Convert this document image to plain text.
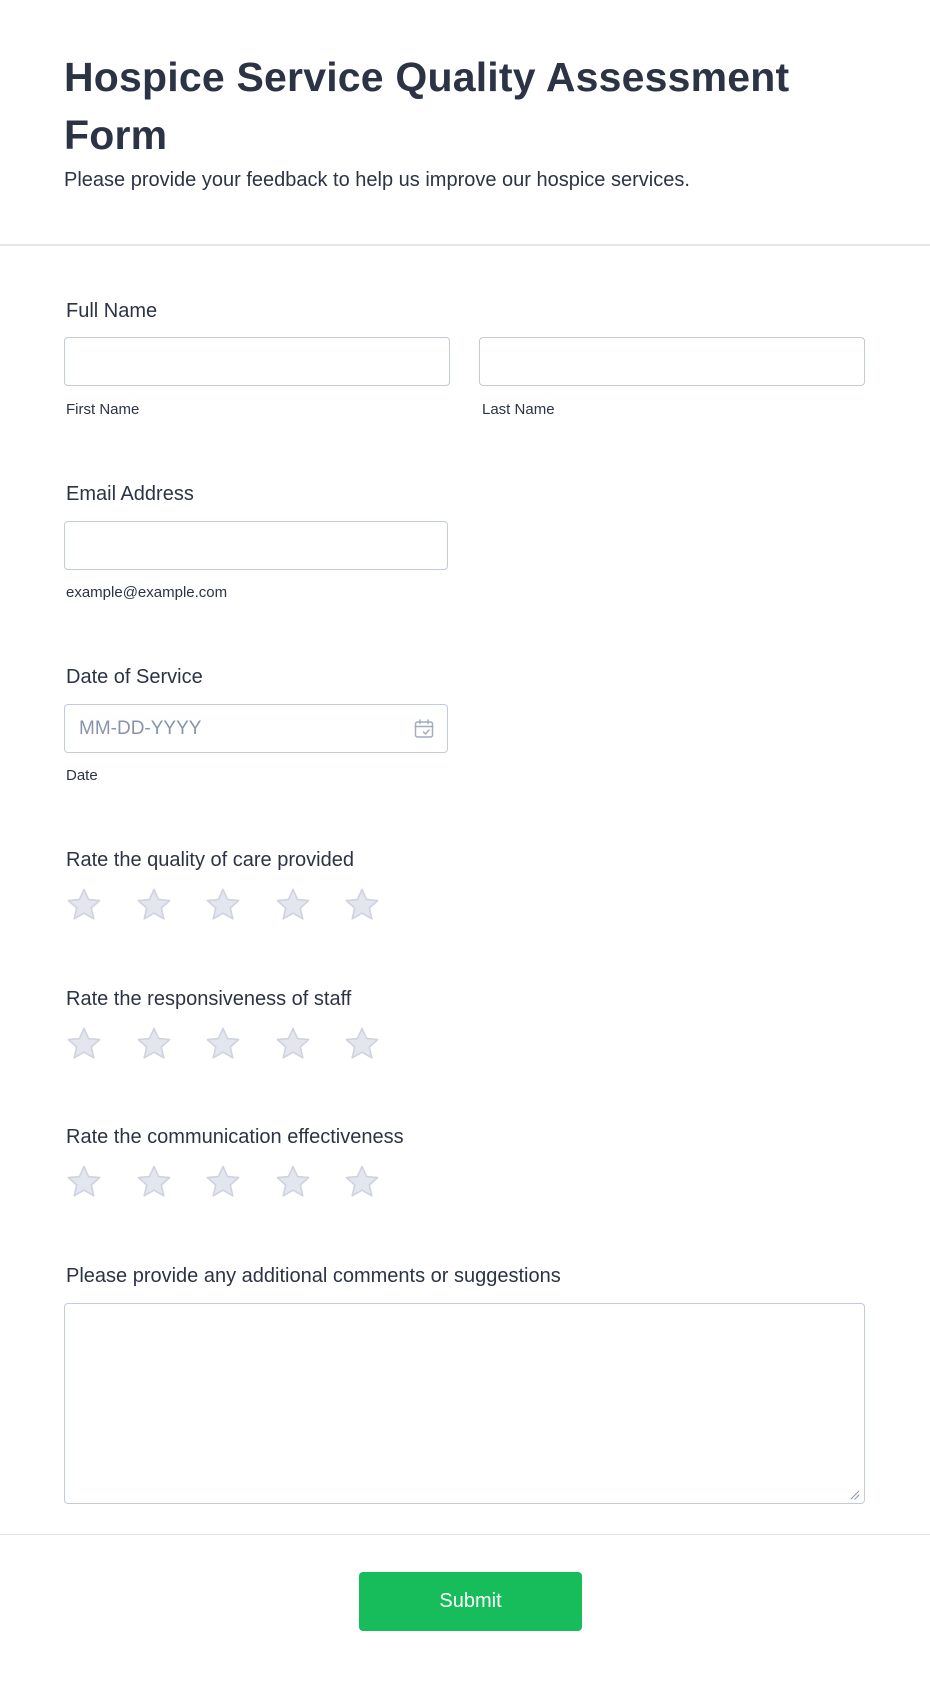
Hospice Service Quality Assessment Form

Please provide your feedback to help us improve our hospice services.

Full Name
First Name	Last Name
Email Address
example@example.com
Date of Service
MM-DD-YYYY
Date
Rate the quality of care provided
Rate the responsiveness of staff
Rate the communication effectiveness
Please provide any additional comments or suggestions
Submit
